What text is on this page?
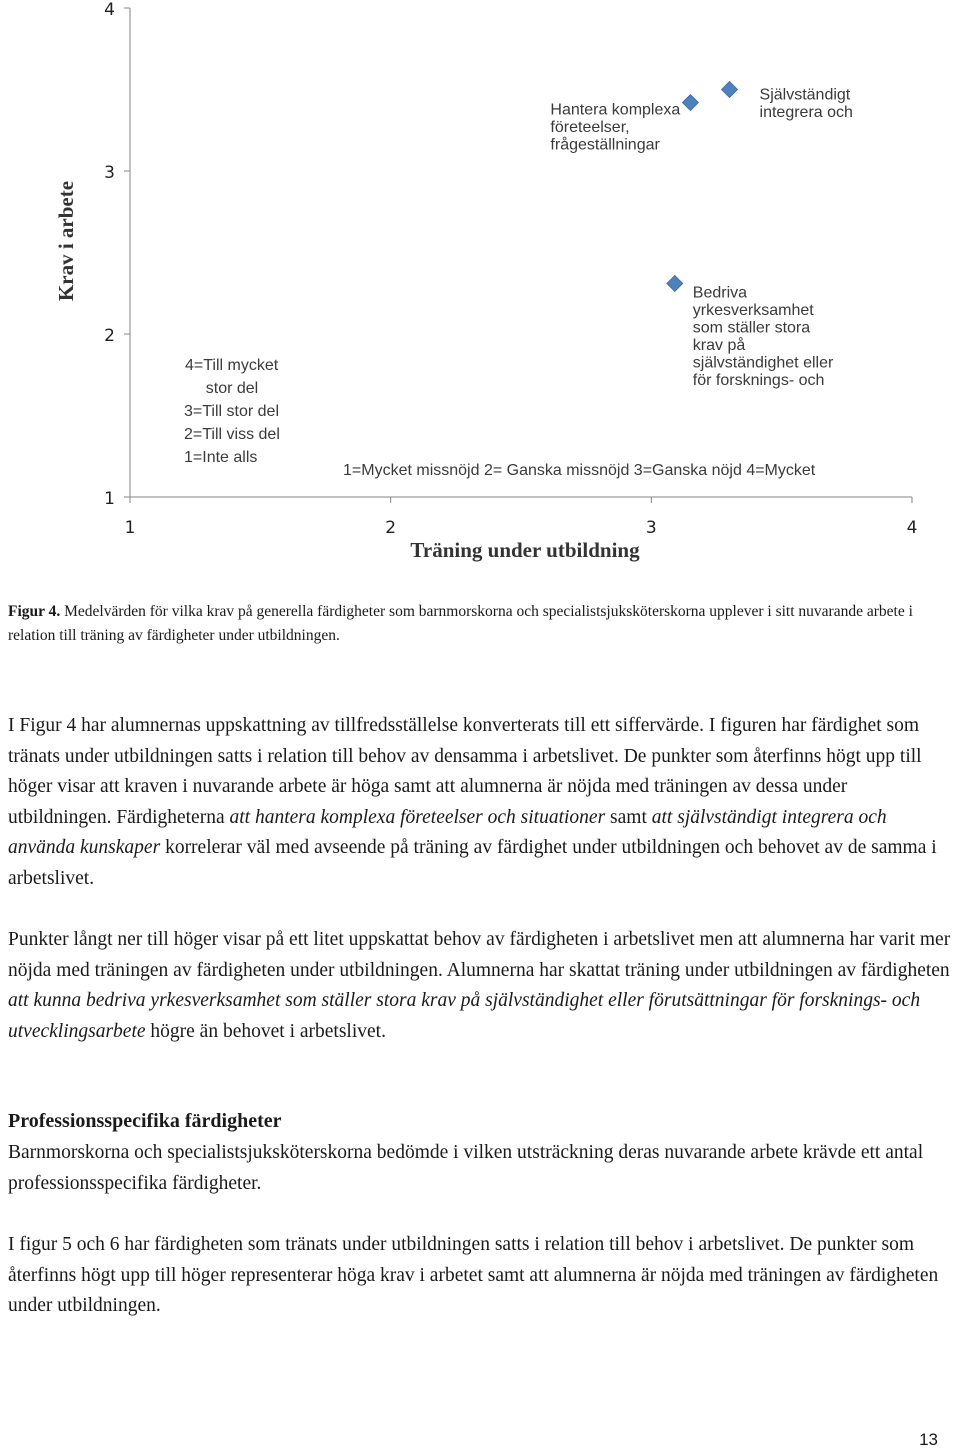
1
2
3
4
1	2	3	4
Hantera komplexa
företeelser,
frågeställningar
Självständigt
integrera och
Bedriva
yrkesverksamhet
som ställer stora
krav på
självständighet eller
för forsknings- och
4=Till mycket
stor del
3=Till stor del
2=Till viss del
1=Inte alls
1=Mycket missnöjd 2= Ganska missnöjd 3=Ganska nöjd 4=Mycket
Träning under utbildning
Krav i arbete
Figur 4. Medelvärden för vilka krav på generella färdigheter som barnmorskorna och specialistsjuksköterskorna upplever i sitt nuvarande arbete i relation till träning av färdigheter under utbildningen.

I Figur 4 har alumnernas uppskattning av tillfredsställelse konverterats till ett siffervärde. I figuren har färdighet som tränats under utbildningen satts i relation till behov av densamma i arbetslivet. De punkter som återfinns högt upp till höger visar att kraven i nuvarande arbete är höga samt att alumnerna är nöjda med träningen av dessa under utbildningen. Färdigheterna att hantera komplexa företeelser och situationer samt att självständigt integrera och använda kunskaper korrelerar väl med avseende på träning av färdighet under utbildningen och behovet av de samma i arbetslivet.

Punkter långt ner till höger visar på ett litet uppskattat behov av färdigheten i arbetslivet men att alumnerna har varit mer nöjda med träningen av färdigheten under utbildningen. Alumnerna har skattat träning under utbildningen av färdigheten att kunna bedriva yrkesverksamhet som ställer stora krav på självständighet eller förutsättningar för forsknings- och utvecklingsarbete högre än behovet i arbetslivet.

Professionsspecifika färdigheter

Barnmorskorna och specialistsjuksköterskorna bedömde i vilken utsträckning deras nuvarande arbete krävde ett antal professionsspecifika färdigheter.

I figur 5 och 6 har färdigheten som tränats under utbildningen satts i relation till behov i arbetslivet. De punkter som återfinns högt upp till höger representerar höga krav i arbetet samt att alumnerna är nöjda med träningen av färdigheten under utbildningen.

13
